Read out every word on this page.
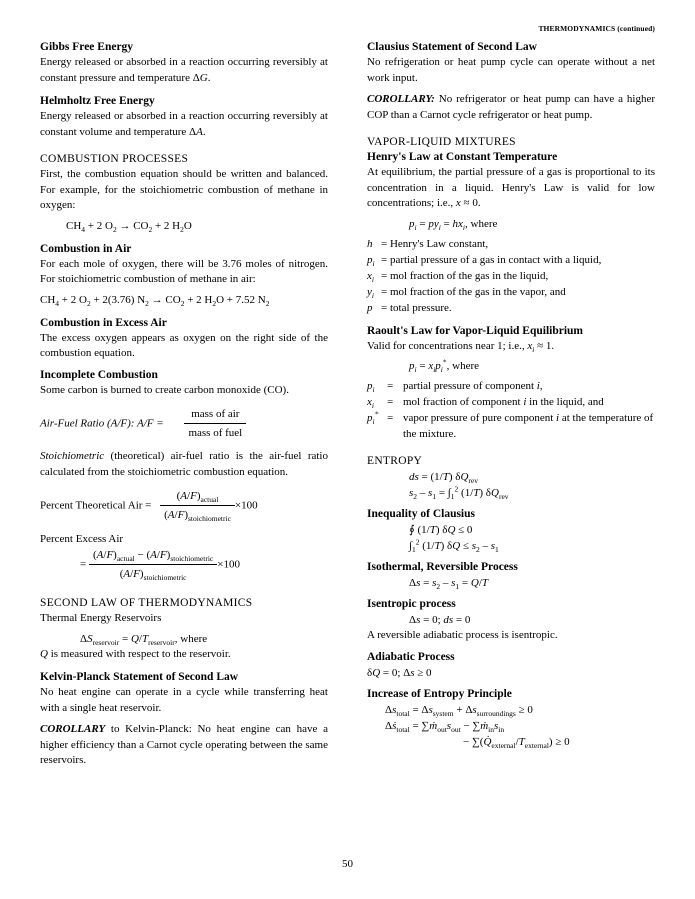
THERMODYNAMICS (continued)

Gibbs Free Energy

Energy released or absorbed in a reaction occurring reversibly at constant pressure and temperature ΔG.

Helmholtz Free Energy

Energy released or absorbed in a reaction occurring reversibly at constant volume and temperature ΔA.

COMBUSTION PROCESSES

First, the combustion equation should be written and balanced. For example, for the stoichiometric combustion of methane in oxygen:

$CH_4 + 2$ $O_2 \to CO_2 + 2$ $H_2O$

Combustion in Air

For each mole of oxygen, there will be 3.76 moles of nitrogen. For stoichiometric combustion of methane in air:

$CH_4 + 2$ $O_2 + 2(3.76) N_2 \to CO_2 + 2$ $H_2O + 7.52$ $N_2$

Combustion in Excess Air

The excess oxygen appears as oxygen on the right side of the combustion equation.

Incomplete Combustion

Some carbon is burned to create carbon monoxide (CO).

Air-Fuel Ratio (A/F): $A/F = \frac{\text{mass of air}}{\text{mass of fuel}}$

Stoichiometric (theoretical) air-fuel ratio is the air-fuel ratio calculated from the stoichiometric combustion equation.

Percent Theoretical Air = $\frac{(A/F)_{actual}}{(A/F)_{stoichiometric}} \times 100$

Percent Excess Air

= $\frac{(A/F)_{actual} - (A/F)_{stoichiometric}}{(A/F)_{stoichiometric}} \times 100$

SECOND LAW OF THERMODYNAMICS

Thermal Energy Reservoirs

$\Delta S_{reservoir} = Q/T_{reservoir}$, where

Q is measured with respect to the reservoir.

Kelvin-Planck Statement of Second Law

No heat engine can operate in a cycle while transferring heat with a single heat reservoir.

COROLLARY to Kelvin-Planck: No heat engine can have a higher efficiency than a Carnot cycle operating between the same reservoirs.

Clausius Statement of Second Law

No refrigeration or heat pump cycle can operate without a net work input.

COROLLARY: No refrigerator or heat pump can have a higher COP than a Carnot cycle refrigerator or heat pump.

VAPOR-LIQUID MIXTURES

Henry's Law at Constant Temperature

At equilibrium, the partial pressure of a gas is proportional to its concentration in a liquid. Henry's Law is valid for low concentrations; i.e., x ≈ 0.

$p_i = py_i = hx_i$, where

h = Henry's Law constant,
$p_i$ = partial pressure of a gas in contact with a liquid,
$x_i$ = mol fraction of the gas in the liquid,
$y_i$ = mol fraction of the gas in the vapor, and
p = total pressure.

Raoult's Law for Vapor-Liquid Equilibrium

Valid for concentrations near 1; i.e., $x_i \approx 1$.

$p_i = x_ip_i^*$, where

$p_i$	= partial pressure of component i,
$x_i$	= mol fraction of component i in the liquid, and
$p_i^*$ = vapor pressure of pure component i at the temperature of the mixture.

ENTROPY

ds = (1/T) $\delta Q_{rev}$

$s_2 - s_1 = \int_1^2$ (1/T) $\delta Q_{rev}$

Inequality of Clausius

∮ (1/T) δQ ≤ 0

$\int_1^2$ (1/T) $\delta Q \le s_2 - s_1$

Isothermal, Reversible Process

$\Delta s = s_2 - s_1 = Q/T$

Isentropic process

Δs = 0; ds = 0

A reversible adiabatic process is isentropic.

Adiabatic Process

δQ = 0; Δs ≥ 0

Increase of Entropy Principle

$\Delta s_{total} = \Delta s_{system} + \Delta s_{surroundings} \ge 0$

Δṡ$_{total}$ = $\sum ṁ_{out}s_{out}$ − $\sum ṁ_{in}s_{in}$

− $\sum(Q̇_{external}/T_{external}) \ge 0$

50
